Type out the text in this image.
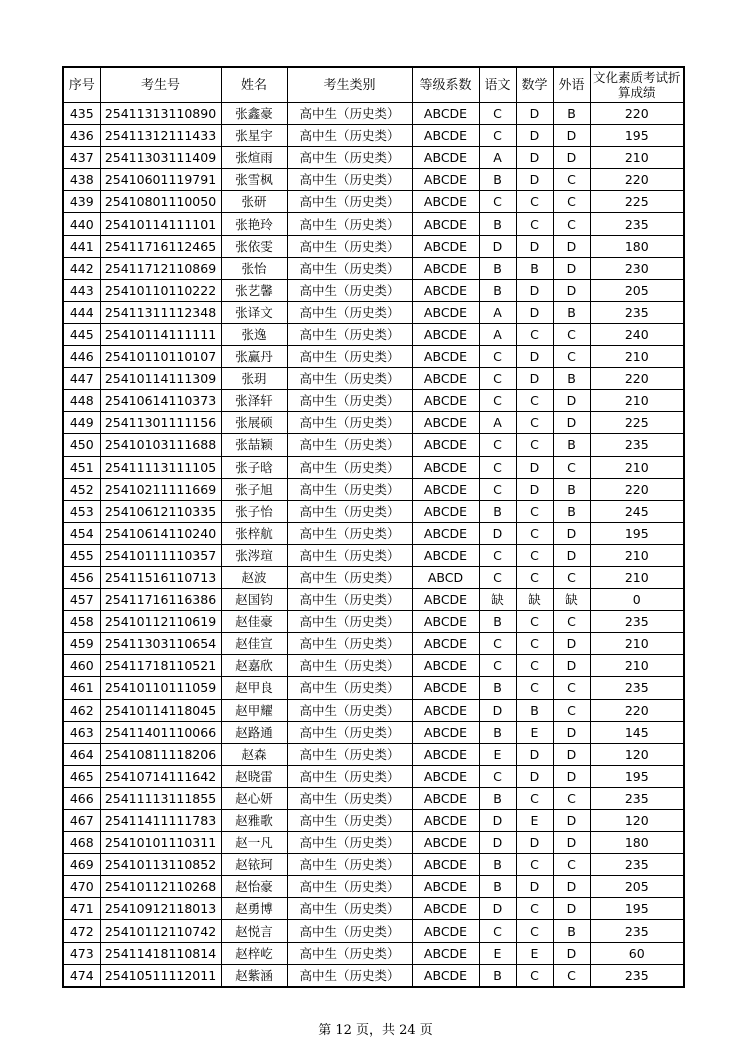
序号	考生号	姓名	考生类别	等级系数	语文	数学	外语	文化素质考试折算成绩
435	25411313110890	张鑫豪	高中生（历史类）	ABCDE	C	D	B	220
436	25411312111433	张星宇	高中生（历史类）	ABCDE	C	D	D	195
437	25411303111409	张煊雨	高中生（历史类）	ABCDE	A	D	D	210
438	25410601119791	张雪枫	高中生（历史类）	ABCDE	B	D	C	220
439	25410801110050	张研	高中生（历史类）	ABCDE	C	C	C	225
440	25410114111101	张艳玲	高中生（历史类）	ABCDE	B	C	C	235
441	25411716112465	张依雯	高中生（历史类）	ABCDE	D	D	D	180
442	25411712110869	张怡	高中生（历史类）	ABCDE	B	B	D	230
443	25410110110222	张艺馨	高中生（历史类）	ABCDE	B	D	D	205
444	25411311112348	张译文	高中生（历史类）	ABCDE	A	D	B	235
445	25410114111111	张逸	高中生（历史类）	ABCDE	A	C	C	240
446	25410110110107	张赢丹	高中生（历史类）	ABCDE	C	D	C	210
447	25410114111309	张玥	高中生（历史类）	ABCDE	C	D	B	220
448	25410614110373	张泽轩	高中生（历史类）	ABCDE	C	C	D	210
449	25411301111156	张展硕	高中生（历史类）	ABCDE	A	C	D	225
450	25410103111688	张喆颖	高中生（历史类）	ABCDE	C	C	B	235
451	25411113111105	张子晗	高中生（历史类）	ABCDE	C	D	C	210
452	25410211111669	张子旭	高中生（历史类）	ABCDE	C	D	B	220
453	25410612110335	张子怡	高中生（历史类）	ABCDE	B	C	B	245
454	25410614110240	张梓航	高中生（历史类）	ABCDE	D	C	D	195
455	25410111110357	张涔瑄	高中生（历史类）	ABCDE	C	C	D	210
456	25411516110713	赵波	高中生（历史类）	ABCD	C	C	C	210
457	25411716116386	赵国钧	高中生（历史类）	ABCDE	缺	缺	缺	0
458	25410112110619	赵佳豪	高中生（历史类）	ABCDE	B	C	C	235
459	25411303110654	赵佳宣	高中生（历史类）	ABCDE	C	C	D	210
460	25411718110521	赵嘉欣	高中生（历史类）	ABCDE	C	C	D	210
461	25410110111059	赵甲良	高中生（历史类）	ABCDE	B	C	C	235
462	25410114118045	赵甲耀	高中生（历史类）	ABCDE	D	B	C	220
463	25411401110066	赵路通	高中生（历史类）	ABCDE	B	E	D	145
464	25410811118206	赵森	高中生（历史类）	ABCDE	E	D	D	120
465	25410714111642	赵晓雷	高中生（历史类）	ABCDE	C	D	D	195
466	25411113111855	赵心妍	高中生（历史类）	ABCDE	B	C	C	235
467	25411411111783	赵雅歌	高中生（历史类）	ABCDE	D	E	D	120
468	25410101110311	赵一凡	高中生（历史类）	ABCDE	D	D	D	180
469	25410113110852	赵铱珂	高中生（历史类）	ABCDE	B	C	C	235
470	25410112110268	赵怡豪	高中生（历史类）	ABCDE	B	D	D	205
471	25410912118013	赵勇博	高中生（历史类）	ABCDE	D	C	D	195
472	25410112110742	赵悦言	高中生（历史类）	ABCDE	C	C	B	235
473	25411418110814	赵梓屹	高中生（历史类）	ABCDE	E	E	D	60
474	25410511112011	赵紫涵	高中生（历史类）	ABCDE	B	C	C	235
第 12 页，共 24 页
